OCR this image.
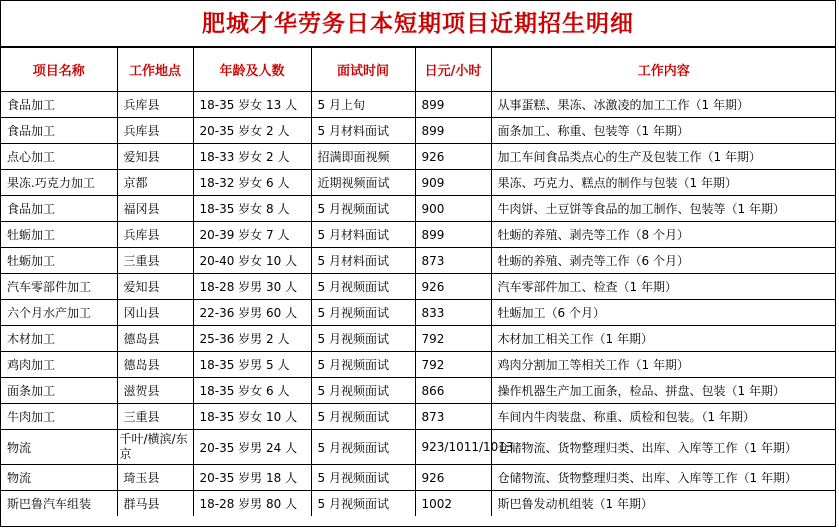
肥城才华劳务日本短期项目近期招生明细
项目名称	工作地点	年龄及人数	面试时间	日元/小时	工作内容
食品加工	兵库县	18-35 岁女 13 人	5 月上旬	899	从事蛋糕、果冻、冰激凌的加工工作（1 年期）
食品加工	兵库县	20-35 岁女 2 人	5 月材料面试	899	面条加工、称重、包装等（1 年期）
点心加工	爱知县	18-33 岁女 2 人	招满即面视频	926	加工车间食品类点心的生产及包装工作（1 年期）
果冻.巧克力加工	京都	18-32 岁女 6 人	近期视频面试	909	果冻、巧克力、糕点的制作与包装（1 年期）
食品加工	福冈县	18-35 岁女 8 人	5 月视频面试	900	牛肉饼、土豆饼等食品的加工制作、包装等（1 年期）
牡蛎加工	兵库县	20-39 岁女 7 人	5 月材料面试	899	牡蛎的养殖、剥壳等工作（8 个月）
牡蛎加工	三重县	20-40 岁女 10 人	5 月材料面试	873	牡蛎的养殖、剥壳等工作（6 个月）
汽车零部件加工	爱知县	18-28 岁男 30 人	5 月视频面试	926	汽车零部件加工、检查（1 年期）
六个月水产加工	冈山县	22-36 岁男 60 人	5 月视频面试	833	牡蛎加工（6 个月）
木材加工	德岛县	25-36 岁男 2 人	5 月视频面试	792	木材加工相关工作（1 年期）
鸡肉加工	德岛县	18-35 岁男 5 人	5 月视频面试	792	鸡肉分割加工等相关工作（1 年期）
面条加工	滋贺县	18-35 岁女 6 人	5 月视频面试	866	操作机器生产加工面条，检品、拼盘、包装（1 年期）
牛肉加工	三重县	18-35 岁女 10 人	5 月视频面试	873	车间内牛肉装盘、称重、质检和包装。（1 年期）
物流	千叶/横滨/东京	20-35 岁男 24 人	5 月视频面试	923/1011/1013	仓储物流、货物整理归类、出库、入库等工作（1 年期）
物流	琦玉县	20-35 岁男 18 人	5 月视频面试	926	仓储物流、货物整理归类、出库、入库等工作（1 年期）
斯巴鲁汽车组装	群马县	18-28 岁男 80 人	5 月视频面试	1002	斯巴鲁发动机组装（1 年期）
